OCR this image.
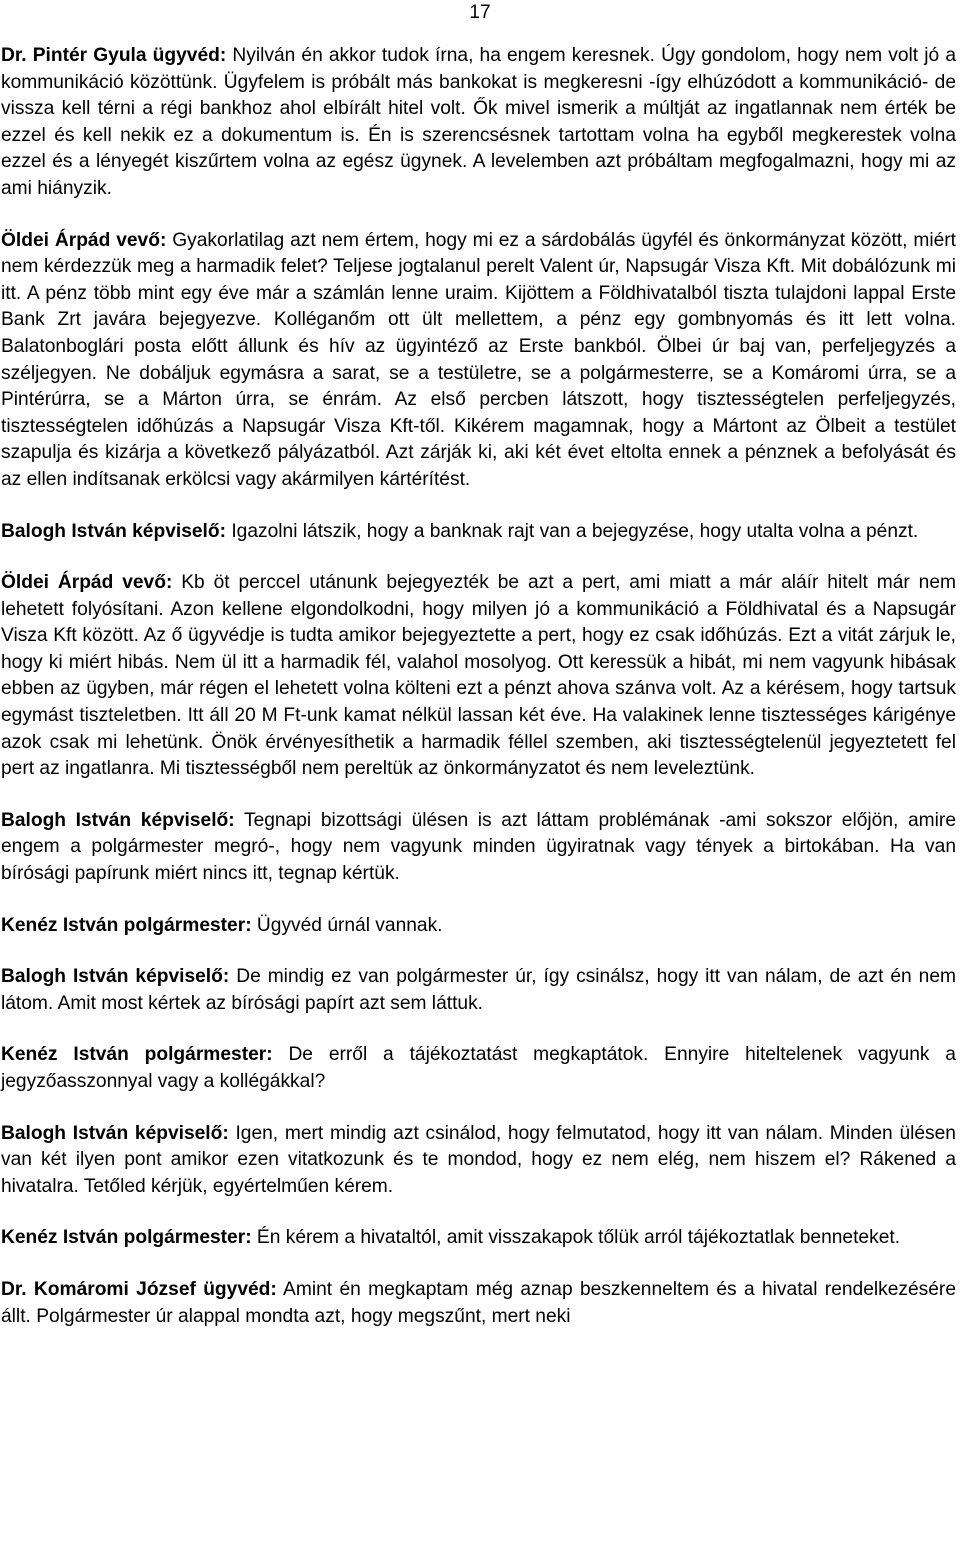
17

Dr. Pintér Gyula ügyvéd: Nyilván én akkor tudok írna, ha engem keresnek. Úgy gondolom, hogy nem volt jó a kommunikáció közöttünk. Ügyfelem is próbált más bankokat is megkeresni -így elhúzódott a kommunikáció- de vissza kell térni a régi bankhoz ahol elbírált hitel volt. Ők mivel ismerik a múltját az ingatlannak nem érték be ezzel és kell nekik ez a dokumentum is. Én is szerencsésnek tartottam volna ha egyből megkerestek volna ezzel és a lényegét kiszűrtem volna az egész ügynek. A levelemben azt próbáltam megfogalmazni, hogy mi az ami hiányzik.

Öldei Árpád vevő: Gyakorlatilag azt nem értem, hogy mi ez a sárdobálás ügyfél és önkormányzat között, miért nem kérdezzük meg a harmadik felet? Teljese jogtalanul perelt Valent úr, Napsugár Visza Kft. Mit dobálózunk mi itt. A pénz több mint egy éve már a számlán lenne uraim. Kijöttem a Földhivatalból tiszta tulajdoni lappal Erste Bank Zrt javára bejegyezve. Kolléganőm ott ült mellettem, a pénz egy gombnyomás és itt lett volna. Balatonboglári posta előtt állunk és hív az ügyintéző az Erste bankból. Ölbei úr baj van, perfeljegyzés a széljegyen. Ne dobáljuk egymásra a sarat, se a testületre, se a polgármesterre, se a Komáromi úrra, se a Pintérúrra, se a Márton úrra, se énrám. Az első percben látszott, hogy tisztességtelen perfeljegyzés, tisztességtelen időhúzás a Napsugár Visza Kft-től. Kikérem magamnak, hogy a Mártont az Ölbeit a testület szapulja és kizárja a következő pályázatból. Azt zárják ki, aki két évet eltolta ennek a pénznek a befolyását és az ellen indítsanak erkölcsi vagy akármilyen kártérítést.

Balogh István képviselő: Igazolni látszik, hogy a banknak rajt van a bejegyzése, hogy utalta volna a pénzt.

Öldei Árpád vevő: Kb öt perccel utánunk bejegyezték be azt a pert, ami miatt a már aláír hitelt már nem lehetett folyósítani. Azon kellene elgondolkodni, hogy milyen jó a kommunikáció a Földhivatal és a Napsugár Visza Kft között. Az ő ügyvédje is tudta amikor bejegyeztette a pert, hogy ez csak időhúzás. Ezt a vitát zárjuk le, hogy ki miért hibás. Nem ül itt a harmadik fél, valahol mosolyog. Ott keressük a hibát, mi nem vagyunk hibásak ebben az ügyben, már régen el lehetett volna költeni ezt a pénzt ahova szánva volt. Az a kérésem, hogy tartsuk egymást tiszteletben. Itt áll 20 M Ft-unk kamat nélkül lassan két éve. Ha valakinek lenne tisztességes kárigénye azok csak mi lehetünk. Önök érvényesíthetik a harmadik féllel szemben, aki tisztességtelenül jegyeztetett fel pert az ingatlanra. Mi tisztességből nem pereltük az önkormányzatot és nem leveleztünk.

Balogh István képviselő: Tegnapi bizottsági ülésen is azt láttam problémának -ami sokszor előjön, amire engem a polgármester megró-, hogy nem vagyunk minden ügyiratnak vagy tények a birtokában. Ha van bírósági papírunk miért nincs itt, tegnap kértük.

Kenéz István polgármester: Ügyvéd úrnál vannak.

Balogh István képviselő: De mindig ez van polgármester úr, így csinálsz, hogy itt van nálam, de azt én nem látom. Amit most kértek az bírósági papírt azt sem láttuk.

Kenéz István polgármester: De erről a tájékoztatást megkaptátok. Ennyire hiteltelenek vagyunk a jegyzőasszonnyal vagy a kollégákkal?

Balogh István képviselő: Igen, mert mindig azt csinálod, hogy felmutatod, hogy itt van nálam. Minden ülésen van két ilyen pont amikor ezen vitatkozunk és te mondod, hogy ez nem elég, nem hiszem el? Rákened a hivatalra. Tetőled kérjük, egyértelműen kérem.

Kenéz István polgármester: Én kérem a hivataltól, amit visszakapok tőlük arról tájékoztatlak benneteket.

Dr. Komáromi József ügyvéd: Amint én megkaptam még aznap beszkenneltem és a hivatal rendelkezésére állt. Polgármester úr alappal mondta azt, hogy megszűnt, mert neki
